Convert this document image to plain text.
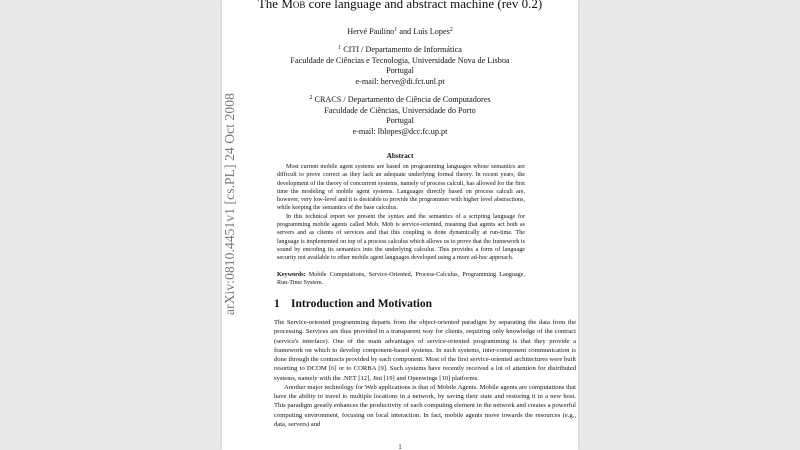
The Mob core language and abstract machine (rev 0.2)
Hervé Paulino$^1$ and Luís Lopes$^2$

$^1$ CITI / Departamento de Informática

Faculdade de Ciências e Tecnologia, Universidade Nova de Lisboa

Portugal

e-mail: herve@di.fct.unl.pt

$^2$ CRACS / Departamento de Ciência de Computadores

Faculdade de Ciências, Universidade do Porto

Portugal

e-mail: lblopes@dcc.fc.up.pt

Abstract

Most current mobile agent systems are based on programming languages whose semantics are difficult to prove correct as they lack an adequate underlying formal theory. In recent years, the development of the theory of concurrent systems, namely of process calculi, has allowed for the first time the modeling of mobile agent systems. Languages directly based on process calculi are, however, very low-level and it is desirable to provide the programmer with higher level abstractions, while keeping the semantics of the base calculus.

In this technical report we present the syntax and the semantics of a scripting language for programming mobile agents called Mob. Mob is service-oriented, meaning that agents act both as servers and as clients of services and that this coupling is done dynamically at run-time. The language is implemented on top of a process calculus which allows us to prove that the framework is sound by encoding its semantics into the underlying calculus. This provides a form of language security not available to other mobile agent languages developed using a more ad-hoc approach.

Keywords: Mobile Computations, Service-Oriented, Process-Calculus, Programming Language, Run-Time System.
1 Introduction and Motivation

The Service-oriented programming departs from the object-oriented paradigm by separating the data from the processing. Services are thus provided in a transparent way for clients, requiring only knowledge of the contract (service's interface). One of the main advantages of service-oriented programming is that they provide a framework on which to develop component-based systems. In such systems, inter-component communication is done through the contracts provided by each component. Most of the first service-oriented architectures were built resorting to DCOM [6] or to CORBA [9]. Such systems have recently received a lot of attention for distributed systems, namely with the .NET [12], Jini [19] and Openwings [10] platforms.

Another major technology for Web applications is that of Mobile Agents. Mobile agents are computations that have the ability to travel to multiple locations in a network, by saving their state and restoring it in a new host. This paradigm greatly enhances the productivity of each computing element in the network and creates a powerful computing environment, focusing on local interaction. In fact, mobile agents move towards the resources (e.g., data, servers) and

1
arXiv:0810.4451v1 [cs.PL] 24 Oct 2008
